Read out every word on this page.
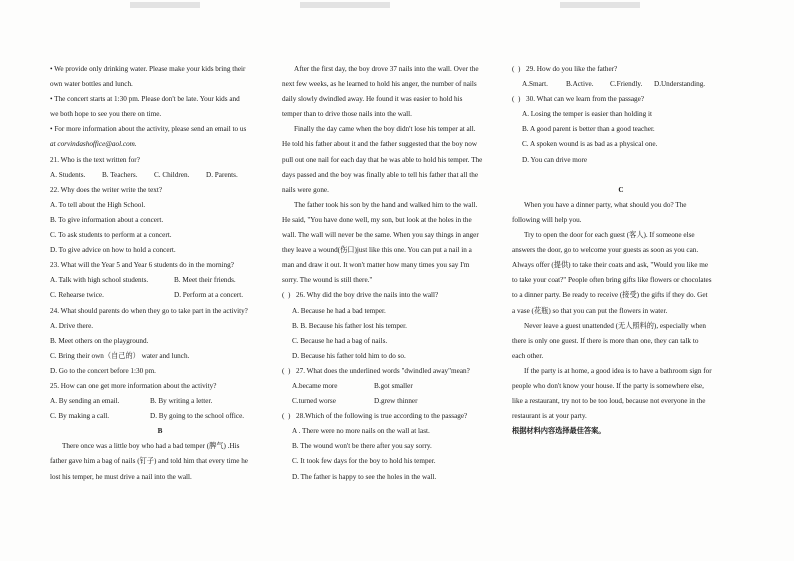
• We provide only drinking water. Please make your kids bring their
own water bottles and lunch.
• The concert starts at 1:30 pm. Please don't be late. Your kids and
we both hope to see you there on time.
• For more information about the activity, please send an email to us
at corvindashoffice@aol.com.
21. Who is the text written for?
A. Students. B. Teachers. C. Children. D. Parents.
22. Why does the writer write the text?
A. To tell about the High School.
B. To give information about a concert.
C. To ask students to perform at a concert.
D. To give advice on how to hold a concert.
23. What will the Year 5 and Year 6 students do in the morning?
A. Talk with high school students.	B. Meet their friends.
C. Rehearse twice.	D. Perform at a concert.
24. What should parents do when they go to take part in the activity?
A. Drive there.
B. Meet others on the playground.
C. Bring their own（自己的） water and lunch.
D. Go to the concert before 1:30 pm.
25. How can one get more information about the activity?
A. By sending an email.	B. By writing a letter.
C. By making a call.	D. By going to the school office.
B
There once was a little boy who had a bad temper (脾气) .His
father gave him a bag of nails (钉子) and told him that every time he
lost his temper, he must drive a nail into the wall.
After the first day, the boy drove 37 nails into the wall. Over the
next few weeks, as he learned to hold his anger, the number of nails
daily slowly dwindled away. He found it was easier to hold his
temper than to drive those nails into the wall.
Finally the day came when the boy didn't lose his temper at all.
He told his father about it and the father suggested that the boy now
pull out one nail for each day that he was able to hold his temper. The
days passed and the boy was finally able to tell his father that all the
nails were gone.
The father took his son by the hand and walked him to the wall.
He said, "You have done well, my son, but look at the holes in the
wall. The wall will never be the same. When you say things in anger
they leave a wound(伤口)just like this one. You can put a nail in a
man and draw it out. It won't matter how many times you say I'm
sorry. The wound is still there."
(  ) 26. Why did the boy drive the nails into the wall?
A. Because he had a bad temper.
B. B. Because his father lost his temper.
C. Because he had a bag of nails.
D. Because his father told him to do so.
(  ) 27. What does the underlined words "dwindled away"mean?
A.became more	B.got smaller
C.turned worse	D.grew thinner
(  ) 28.Which of the following is true according to the passage?
A . There were no more nails on the wall at last.
B. The wound won't be there after you say sorry.
C. It took few days for the boy to hold his temper.
D. The father is happy to see the holes in the wall.
(  ) 29. How do you like the father?
A.Smart.	B.Active. C.Friendly. D.Understanding.
(  ) 30. What can we learn from the passage?
A. Losing the temper is easier than holding it
B. A good parent is better than a good teacher.
C. A spoken wound is as bad as a physical one.
D. You can drive more

C
When you have a dinner party, what should you do? The
following will help you.
Try to open the door for each guest (客人). If someone else
answers the door, go to welcome your guests as soon as you can.
Always offer (提供) to take their coats and ask, "Would you like me
to take your coat?" People often bring gifts like flowers or chocolates
to a dinner party. Be ready to receive (接受) the gifts if they do. Get
a vase (花瓶) so that you can put the flowers in water.
Never leave a guest unattended (无人照料的), especially when
there is only one guest. If there is more than one, they can talk to
each other.
If the party is at home, a good idea is to have a bathroom sign for
people who don't know your house. If the party is somewhere else,
like a restaurant, try not to be too loud, because not everyone in the
restaurant is at your party.
根据材料内容选择最佳答案。
